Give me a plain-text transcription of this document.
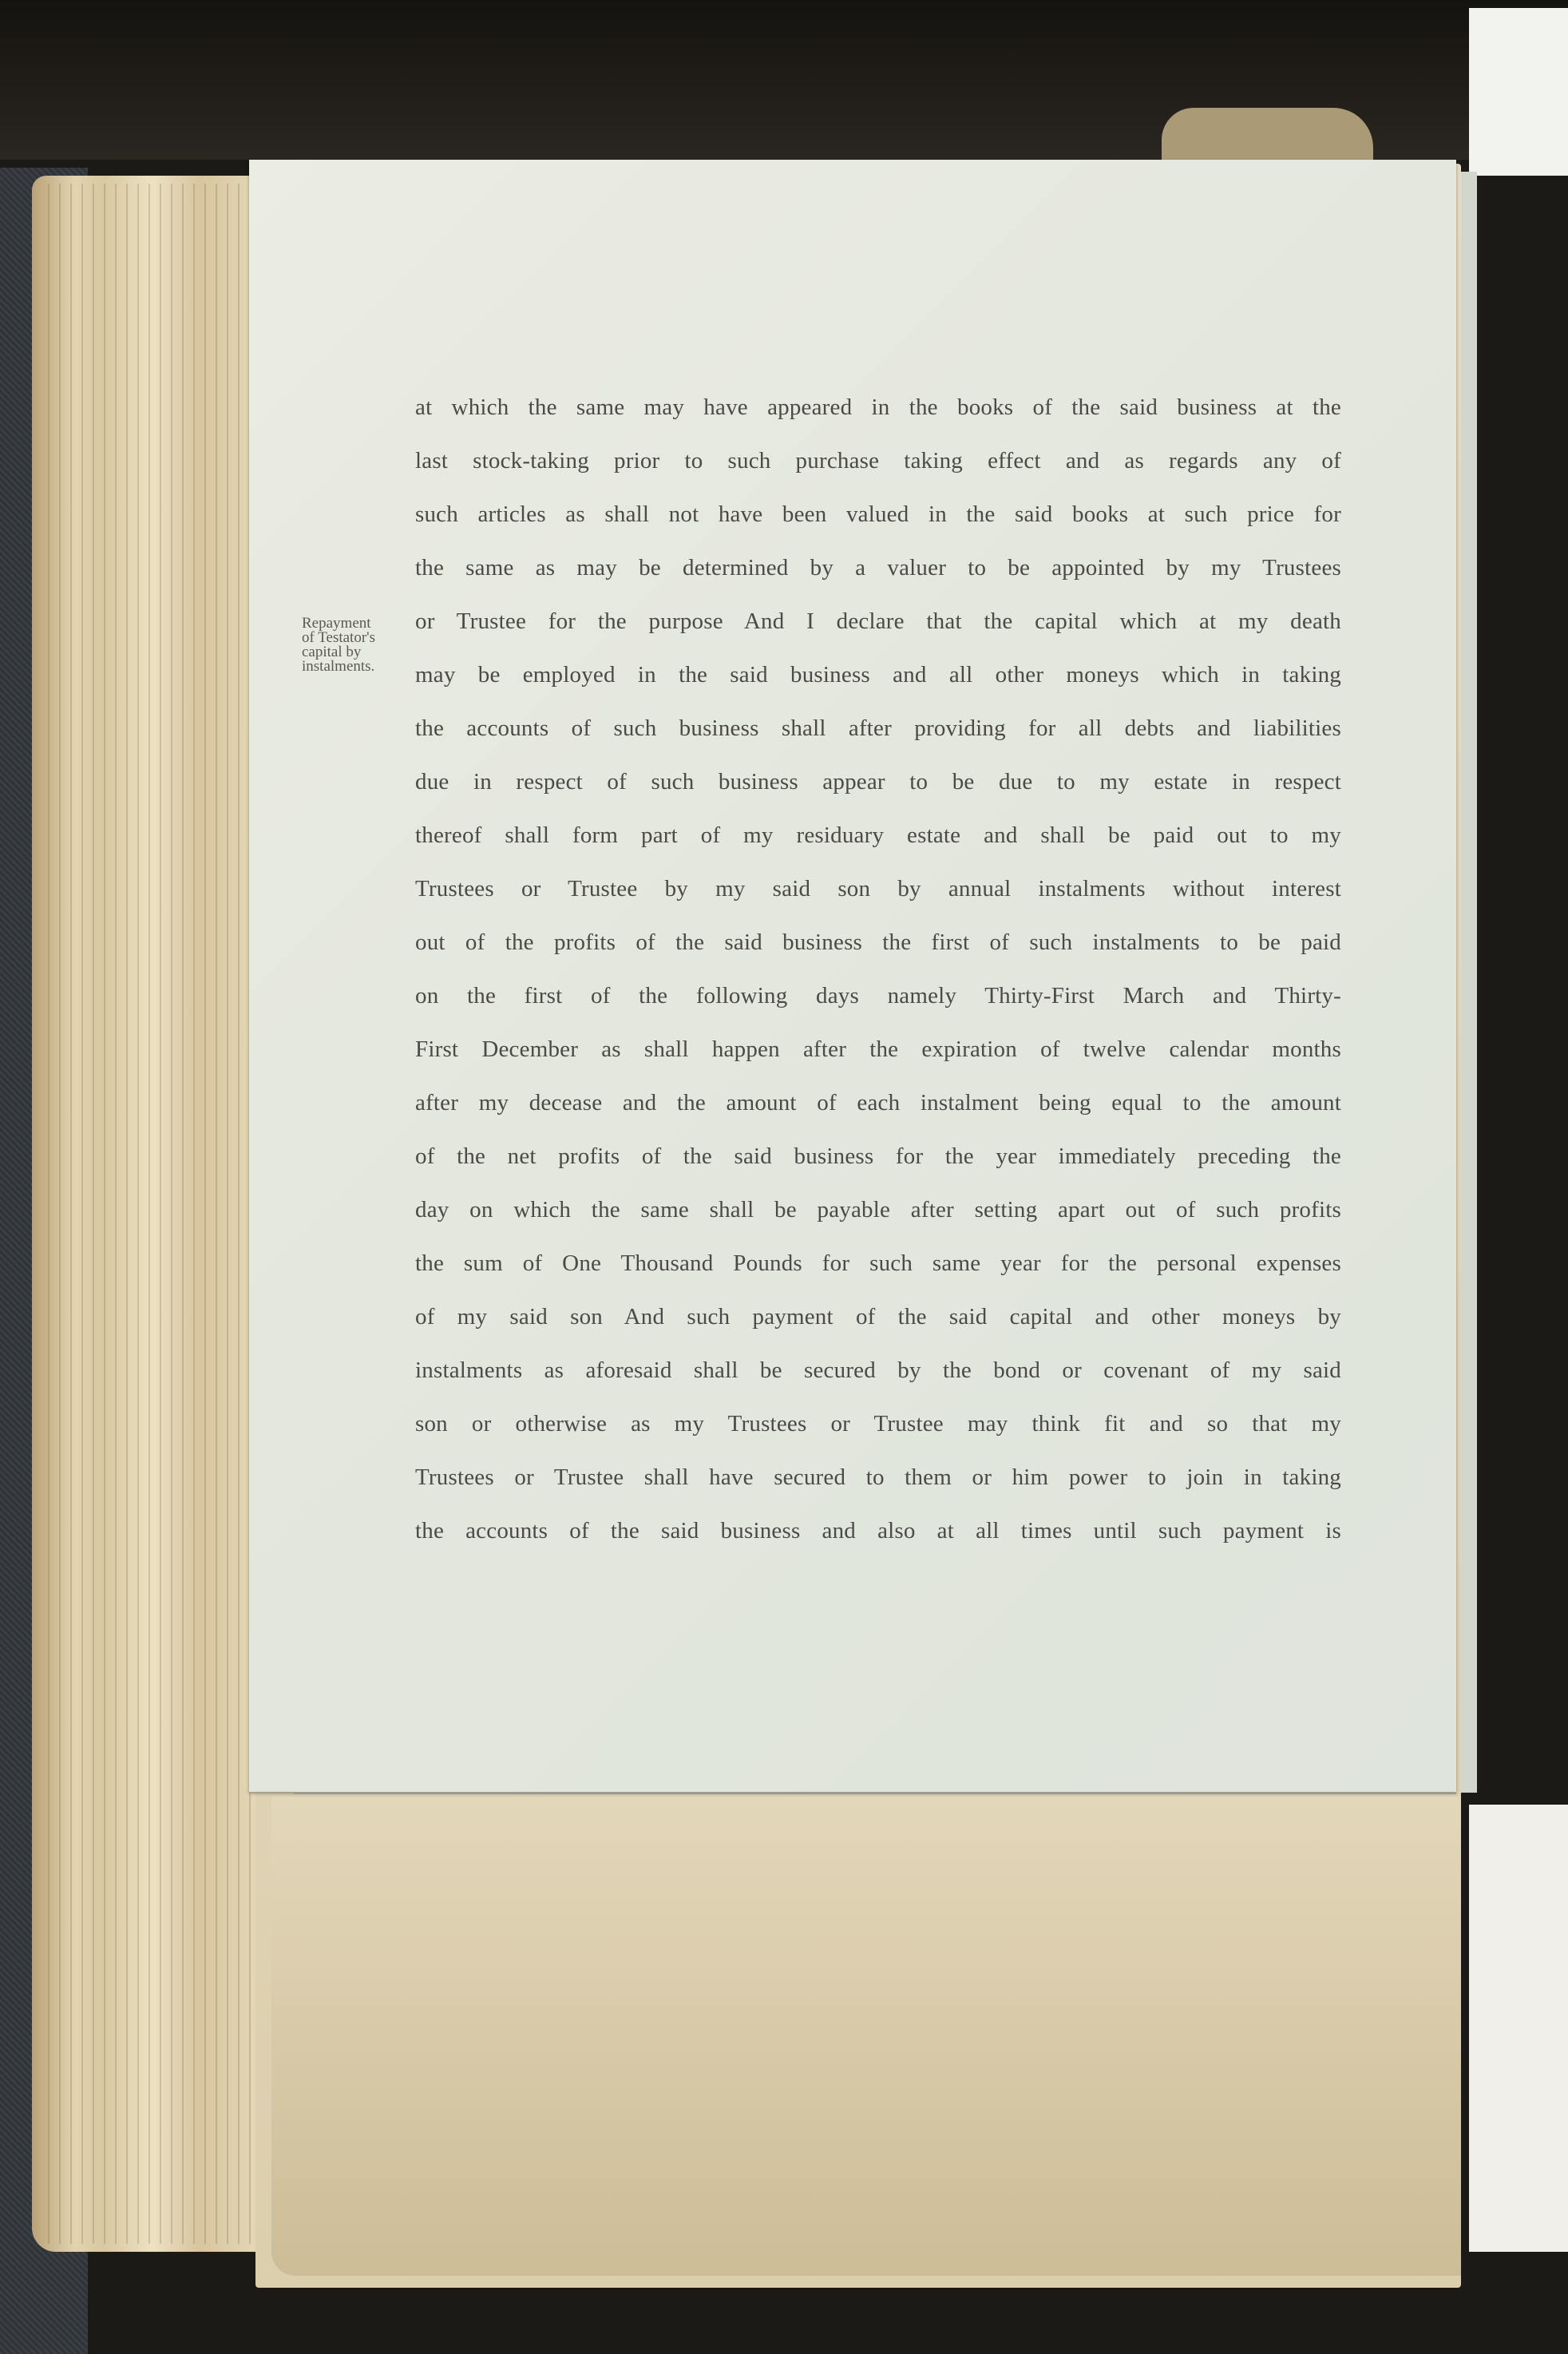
Repayment
of Testator's
capital by
instalments.
at which the same may have appeared in the books of the said business at the
last stock-taking prior to such purchase taking effect and as regards any of
such articles as shall not have been valued in the said books at such price for
the same as may be determined by a valuer to be appointed by my Trustees
or Trustee for the purpose And I declare that the capital which at my death
may be employed in the said business and all other moneys which in taking
the accounts of such business shall after providing for all debts and liabilities
due in respect of such business appear to be due to my estate in respect
thereof shall form part of my residuary estate and shall be paid out to my
Trustees or Trustee by my said son by annual instalments without interest
out of the profits of the said business the first of such instalments to be paid
on the first of the following days namely Thirty-First March and Thirty-
First December as shall happen after the expiration of twelve calendar months
after my decease and the amount of each instalment being equal to the amount
of the net profits of the said business for the year immediately preceding the
day on which the same shall be payable after setting apart out of such profits
the sum of One Thousand Pounds for such same year for the personal expenses
of my said son And such payment of the said capital and other moneys by
instalments as aforesaid shall be secured by the bond or covenant of my said
son or otherwise as my Trustees or Trustee may think fit and so that my
Trustees or Trustee shall have secured to them or him power to join in taking
the accounts of the said business and also at all times until such payment is
